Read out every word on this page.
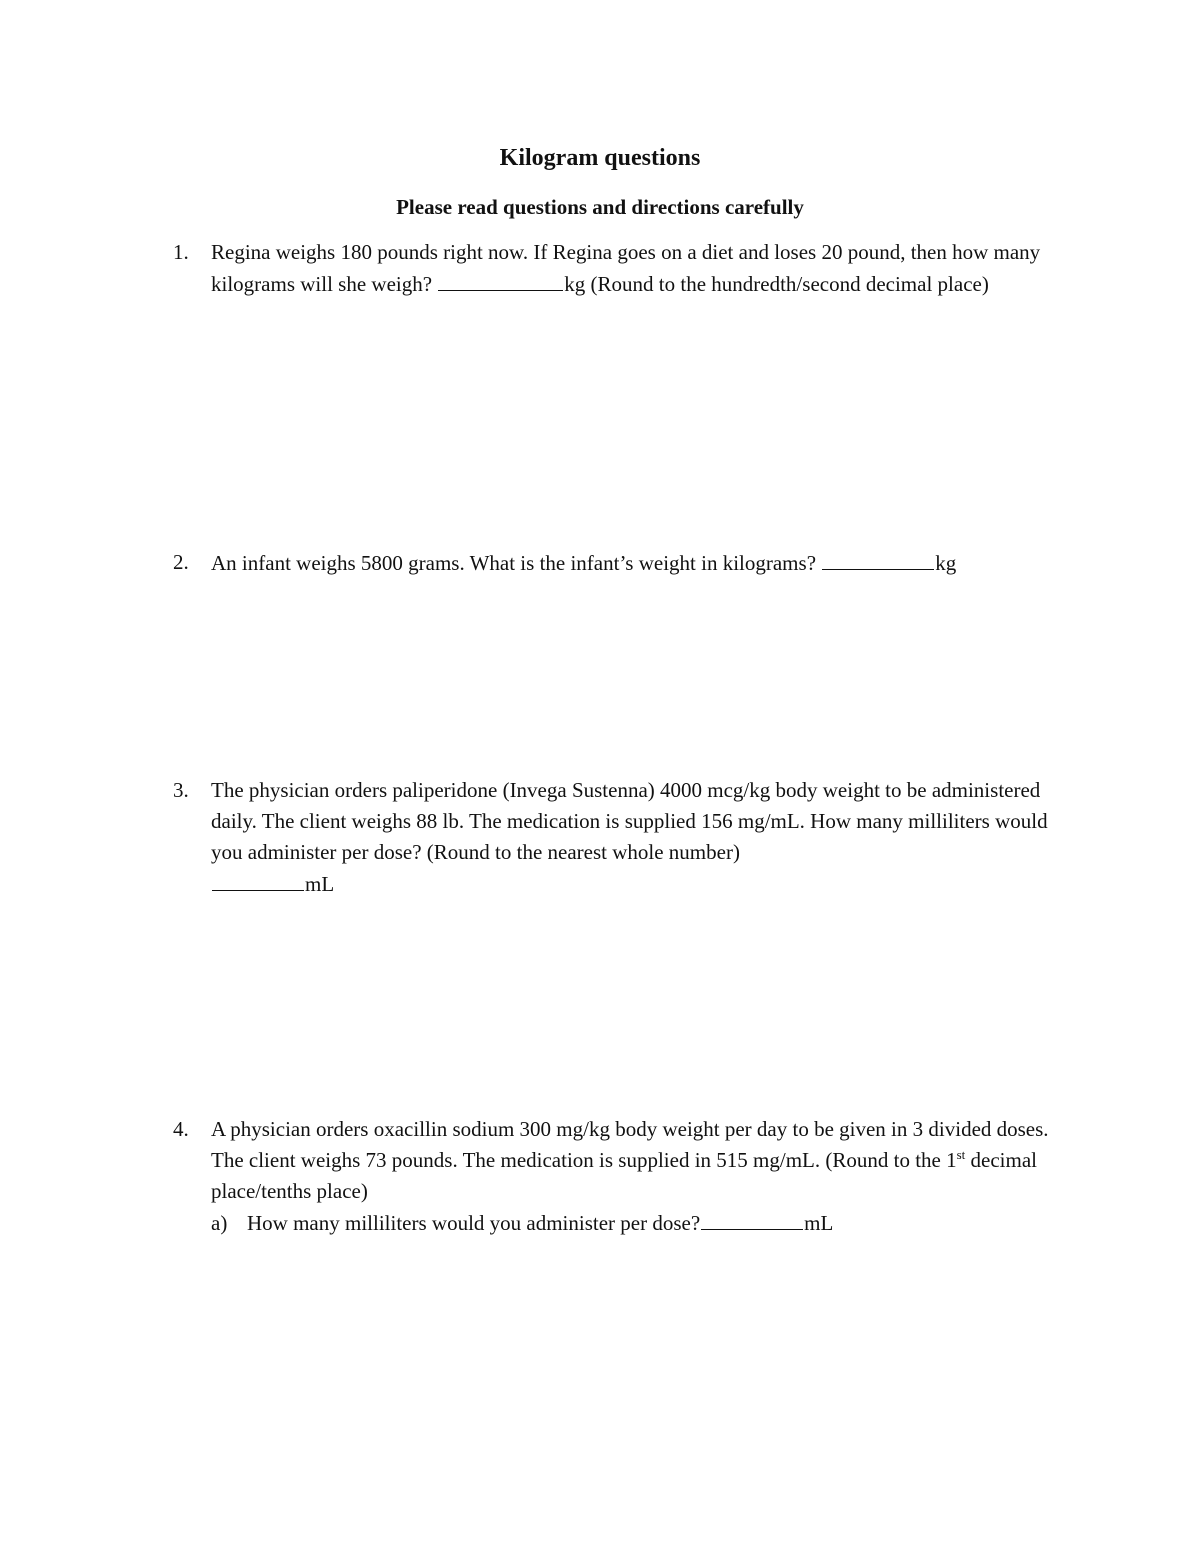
Kilogram questions
Please read questions and directions carefully
1. Regina weighs 180 pounds right now. If Regina goes on a diet and loses 20 pound, then how many kilograms will she weigh?	kg (Round to the hundredth/second decimal place)
2. An infant weighs 5800 grams. What is the infant’s weight in kilograms?	kg
3. The physician orders paliperidone (Invega Sustenna) 4000 mcg/kg body weight to be administered daily. The client weighs 88 lb. The medication is supplied 156 mg/mL. How many milliliters would you administer per dose? (Round to the nearest whole number)
mL
4. A physician orders oxacillin sodium 300 mg/kg body weight per day to be given in 3 divided doses. The client weighs 73 pounds. The medication is supplied in 515 mg/mL. (Round to the 1st decimal place/tenths place)
a) How many milliliters would you administer per dose?	mL
